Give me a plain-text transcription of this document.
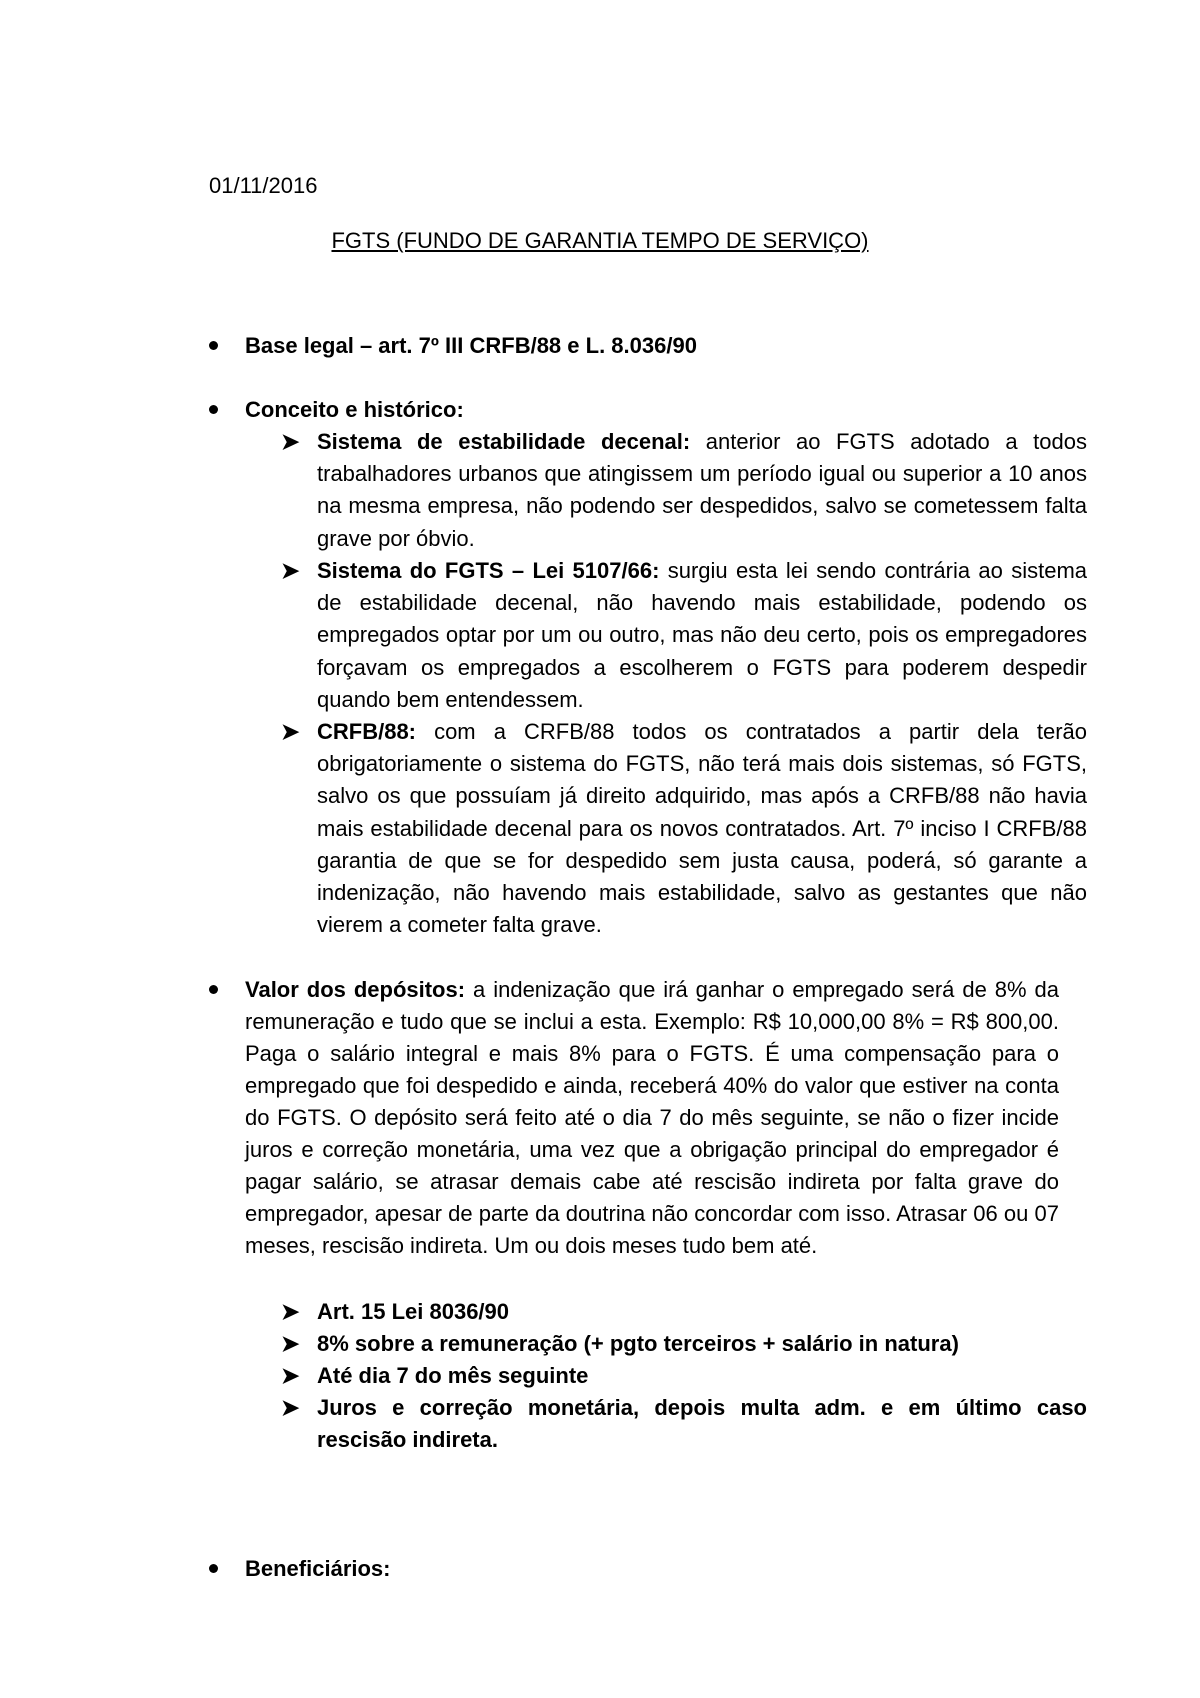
01/11/2016

FGTS (FUNDO DE GARANTIA TEMPO DE SERVIÇO)

Base legal – art. 7º III CRFB/88 e L. 8.036/90
Conceito e histórico:
➤ Sistema de estabilidade decenal: anterior ao FGTS adotado a todos trabalhadores urbanos que atingissem um período igual ou superior a 10 anos na mesma empresa, não podendo ser despedidos, salvo se cometessem falta grave por óbvio.
➤ Sistema do FGTS – Lei 5107/66: surgiu esta lei sendo contrária ao sistema de estabilidade decenal, não havendo mais estabilidade, podendo os empregados optar por um ou outro, mas não deu certo, pois os empregadores forçavam os empregados a escolherem o FGTS para poderem despedir quando bem entendessem.
➤ CRFB/88: com a CRFB/88 todos os contratados a partir dela terão obrigatoriamente o sistema do FGTS, não terá mais dois sistemas, só FGTS, salvo os que possuíam já direito adquirido, mas após a CRFB/88 não havia mais estabilidade decenal para os novos contratados. Art. 7º inciso I CRFB/88 garantia de que se for despedido sem justa causa, poderá, só garante a indenização, não havendo mais estabilidade, salvo as gestantes que não vierem a cometer falta grave.
Valor dos depósitos: a indenização que irá ganhar o empregado será de 8% da remuneração e tudo que se inclui a esta. Exemplo: R$ 10,000,00 8% = R$ 800,00. Paga o salário integral e mais 8% para o FGTS. É uma compensação para o empregado que foi despedido e ainda, receberá 40% do valor que estiver na conta do FGTS. O depósito será feito até o dia 7 do mês seguinte, se não o fizer incide juros e correção monetária, uma vez que a obrigação principal do empregador é pagar salário, se atrasar demais cabe até rescisão indireta por falta grave do empregador, apesar de parte da doutrina não concordar com isso. Atrasar 06 ou 07 meses, rescisão indireta. Um ou dois meses tudo bem até.
➤ Art. 15 Lei 8036/90
➤ 8% sobre a remuneração (+ pgto terceiros + salário in natura)
➤ Até dia 7 do mês seguinte
➤ Juros e correção monetária, depois multa adm. e em último caso rescisão indireta.
Beneficiários:
